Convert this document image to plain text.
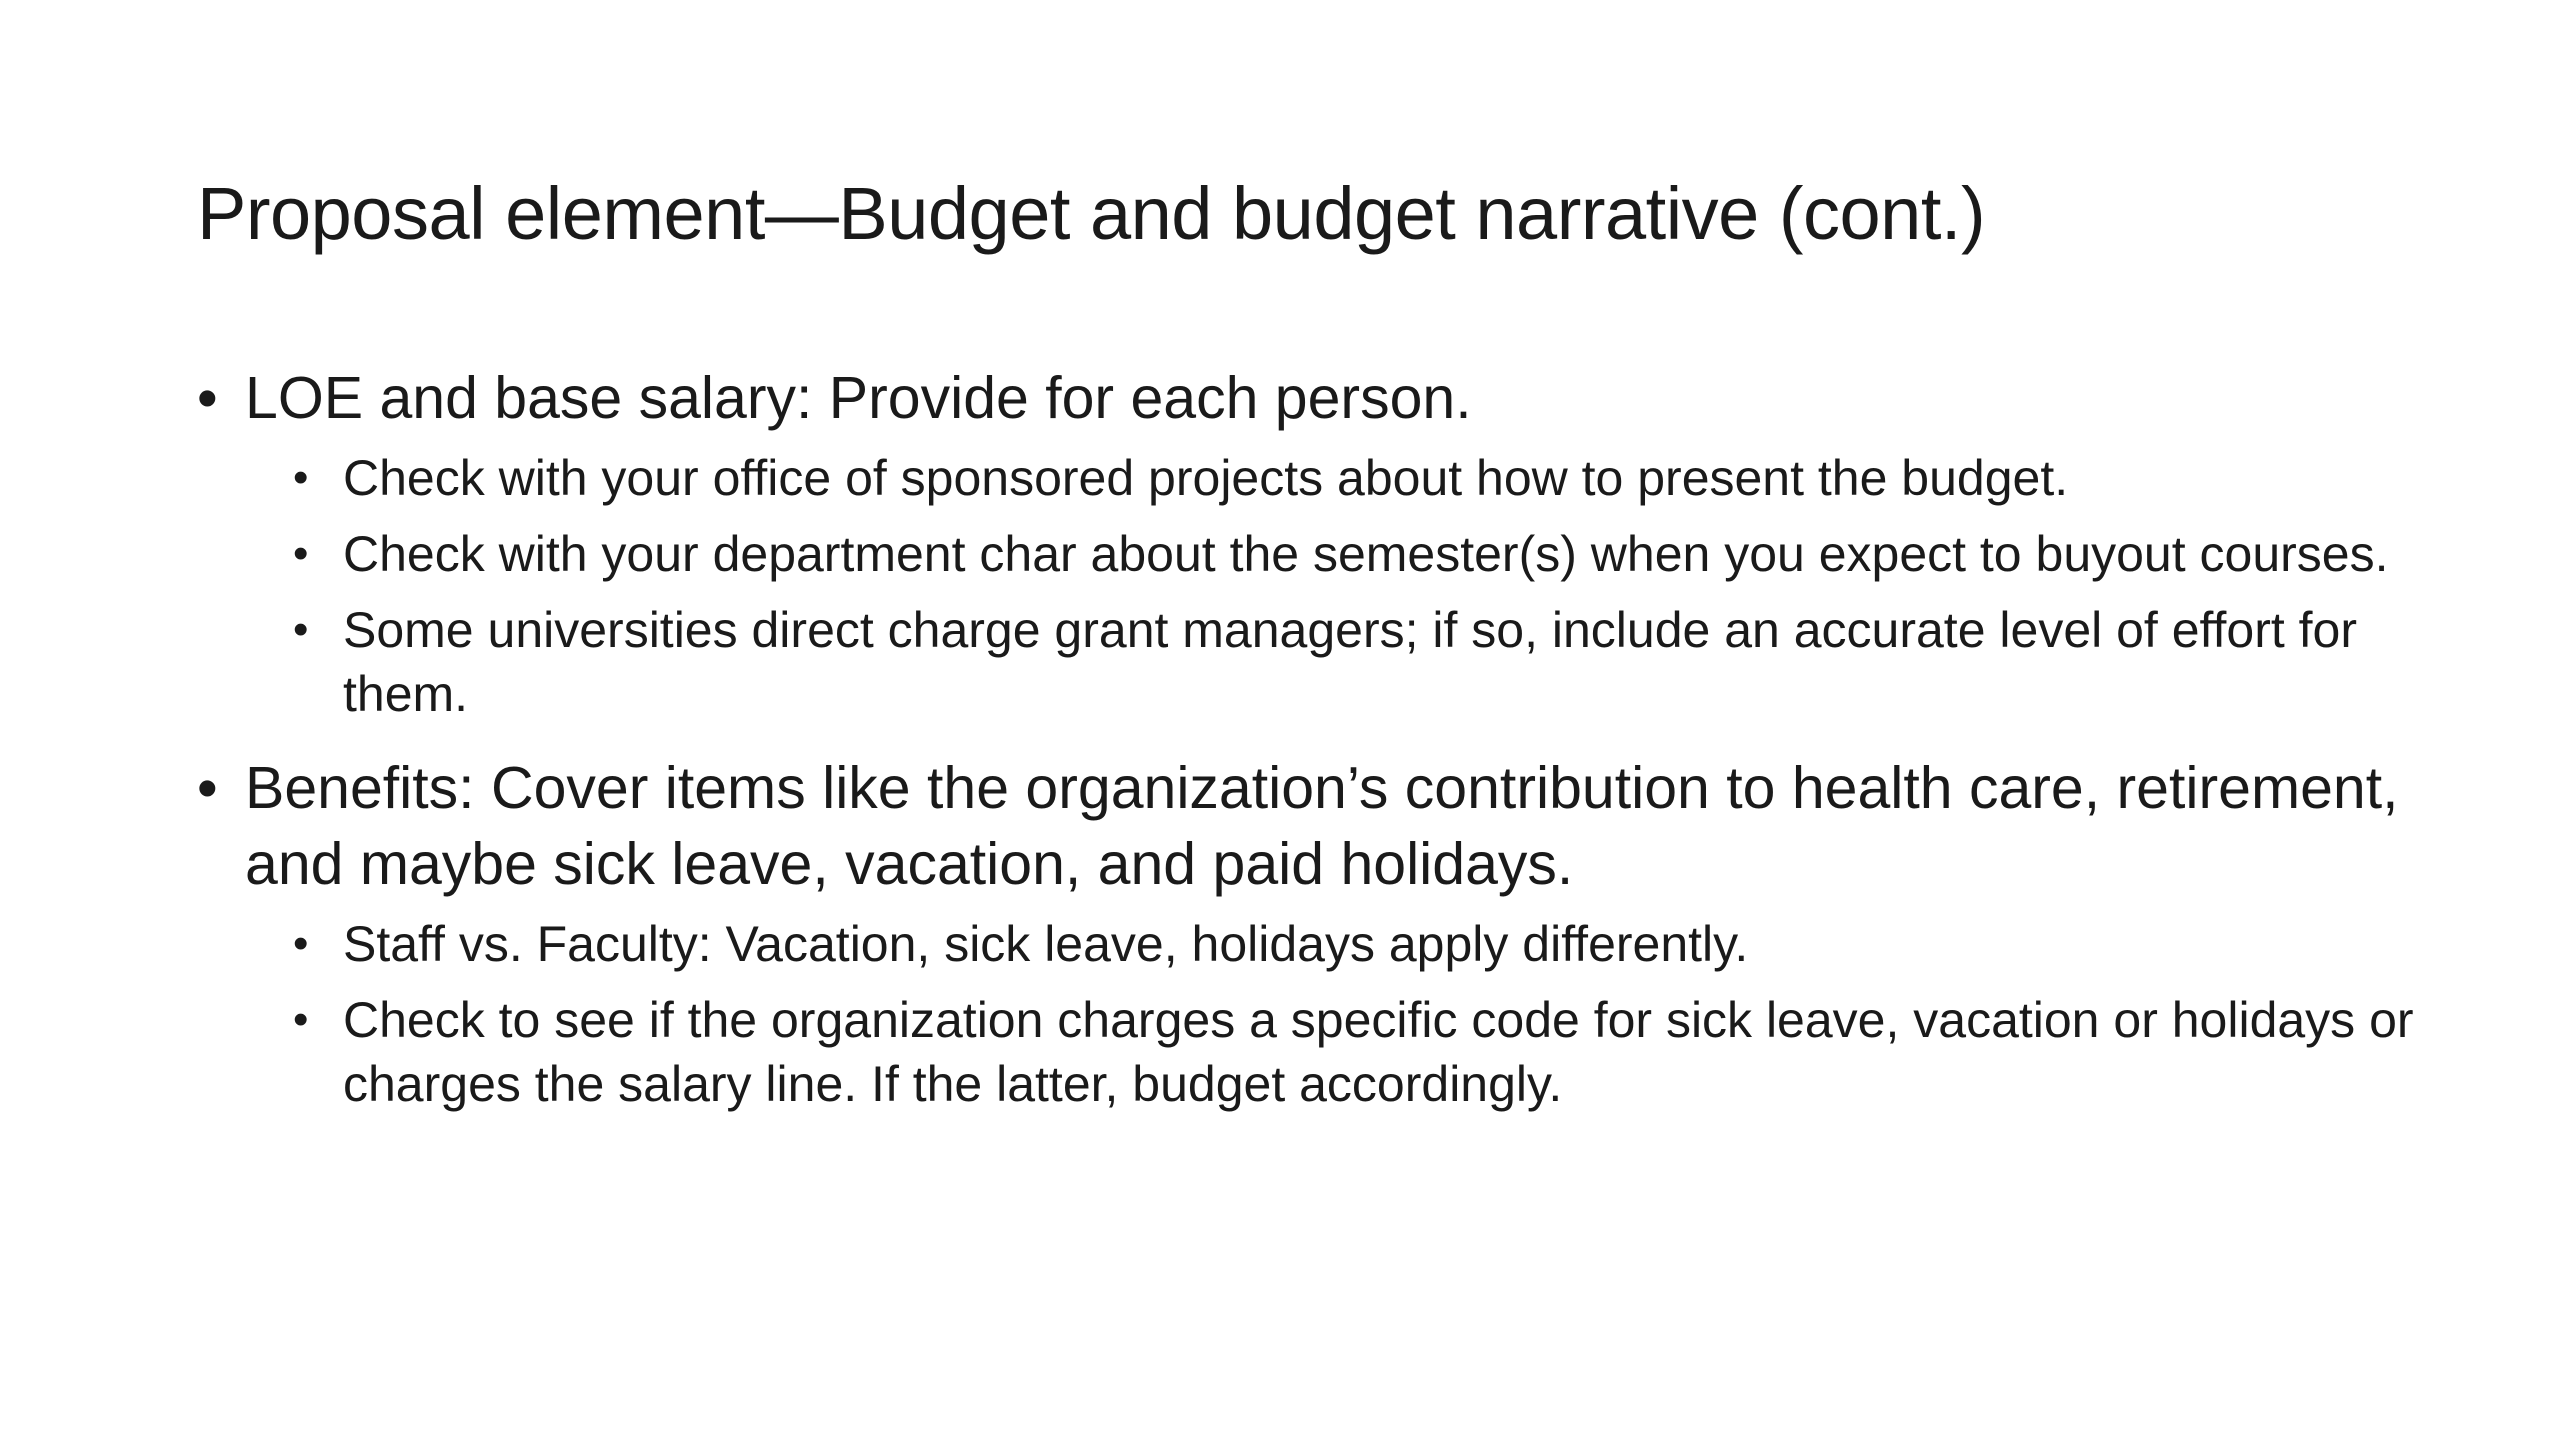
Proposal element—Budget and budget narrative (cont.)
• LOE and base salary: Provide for each person.
• Check with your office of sponsored projects about how to present the budget.
• Check with your department char about the semester(s) when you expect to buyout courses.
• Some universities direct charge grant managers; if so, include an accurate level of effort for them.
• Benefits: Cover items like the organization’s contribution to health care, retirement, and maybe sick leave, vacation, and paid holidays.
• Staff vs. Faculty: Vacation, sick leave, holidays apply differently.
• Check to see if the organization charges a specific code for sick leave, vacation or holidays or charges the salary line. If the latter, budget accordingly.
